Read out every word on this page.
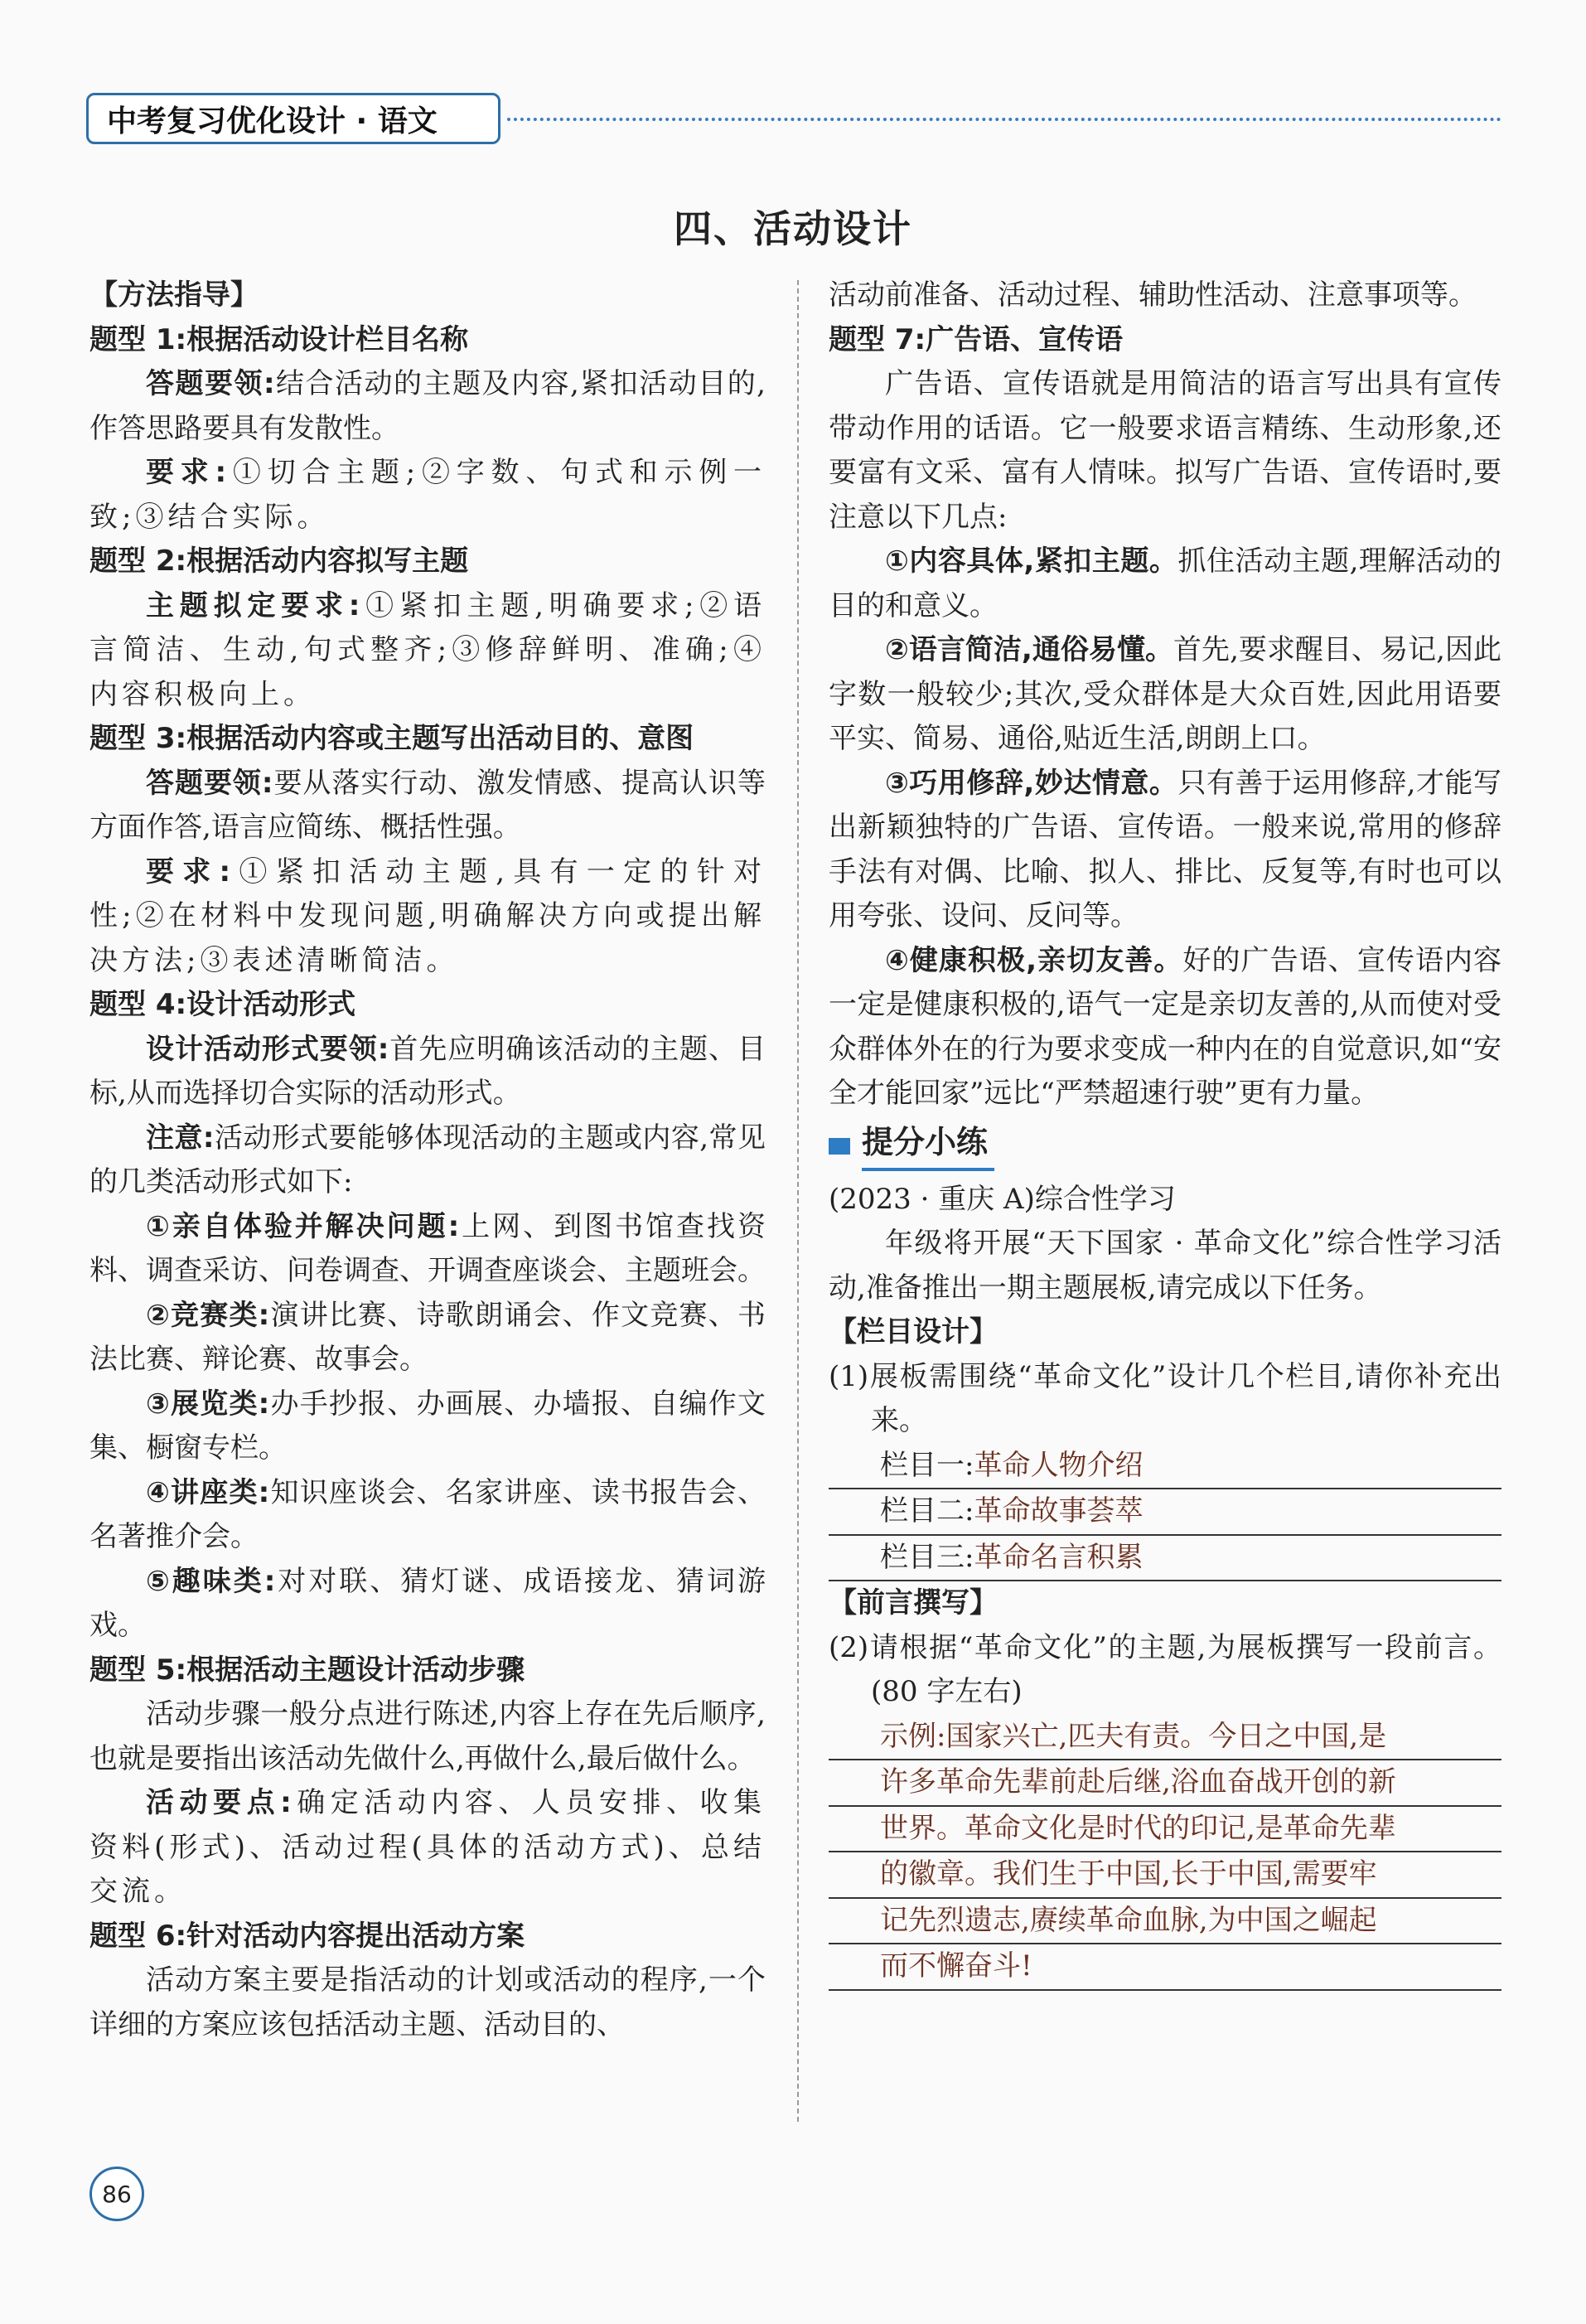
中考复习优化设计 · 语文
四、活动设计

【方法指导】

题型 1:根据活动设计栏目名称

答题要领:结合活动的主题及内容,紧扣活动目的,作答思路要具有发散性。

要求:①切合主题;②字数、句式和示例一致;③结合实际。

题型 2:根据活动内容拟写主题

主题拟定要求:①紧扣主题,明确要求;②语言简洁、生动,句式整齐;③修辞鲜明、准确;④内容积极向上。

题型 3:根据活动内容或主题写出活动目的、意图

答题要领:要从落实行动、激发情感、提高认识等方面作答,语言应简练、概括性强。

要求:①紧扣活动主题,具有一定的针对性;②在材料中发现问题,明确解决方向或提出解决方法;③表述清晰简洁。

题型 4:设计活动形式

设计活动形式要领:首先应明确该活动的主题、目标,从而选择切合实际的活动形式。

注意:活动形式要能够体现活动的主题或内容,常见的几类活动形式如下:

①亲自体验并解决问题:上网、到图书馆查找资料、调查采访、问卷调查、开调查座谈会、主题班会。

②竞赛类:演讲比赛、诗歌朗诵会、作文竞赛、书法比赛、辩论赛、故事会。

③展览类:办手抄报、办画展、办墙报、自编作文集、橱窗专栏。

④讲座类:知识座谈会、名家讲座、读书报告会、名著推介会。

⑤趣味类:对对联、猜灯谜、成语接龙、猜词游戏。

题型 5:根据活动主题设计活动步骤

活动步骤一般分点进行陈述,内容上存在先后顺序,也就是要指出该活动先做什么,再做什么,最后做什么。

活动要点:确定活动内容、人员安排、收集资料(形式)、活动过程(具体的活动方式)、总结交流。

题型 6:针对活动内容提出活动方案

活动方案主要是指活动的计划或活动的程序,一个详细的方案应该包括活动主题、活动目的、

活动前准备、活动过程、辅助性活动、注意事项等。

题型 7:广告语、宣传语

广告语、宣传语就是用简洁的语言写出具有宣传带动作用的话语。它一般要求语言精练、生动形象,还要富有文采、富有人情味。拟写广告语、宣传语时,要注意以下几点:

①内容具体,紧扣主题。抓住活动主题,理解活动的目的和意义。

②语言简洁,通俗易懂。首先,要求醒目、易记,因此字数一般较少;其次,受众群体是大众百姓,因此用语要平实、简易、通俗,贴近生活,朗朗上口。

③巧用修辞,妙达情意。只有善于运用修辞,才能写出新颖独特的广告语、宣传语。一般来说,常用的修辞手法有对偶、比喻、拟人、排比、反复等,有时也可以用夸张、设问、反问等。

④健康积极,亲切友善。好的广告语、宣传语内容一定是健康积极的,语气一定是亲切友善的,从而使对受众群体外在的行为要求变成一种内在的自觉意识,如“安全才能回家”远比“严禁超速行驶”更有力量。

提分小练

(2023 · 重庆 A)综合性学习

年级将开展“天下国家 · 革命文化”综合性学习活动,准备推出一期主题展板,请完成以下任务。

【栏目设计】

(1)展板需围绕“革命文化”设计几个栏目,请你补充出来。

栏目一:革命人物介绍
栏目二:革命故事荟萃
栏目三:革命名言积累

【前言撰写】

(2)请根据“革命文化”的主题,为展板撰写一段前言。(80 字左右)

示例:国家兴亡,匹夫有责。今日之中国,是
许多革命先辈前赴后继,浴血奋战开创的新
世界。革命文化是时代的印记,是革命先辈
的徽章。我们生于中国,长于中国,需要牢
记先烈遗志,赓续革命血脉,为中国之崛起
而不懈奋斗!
86
